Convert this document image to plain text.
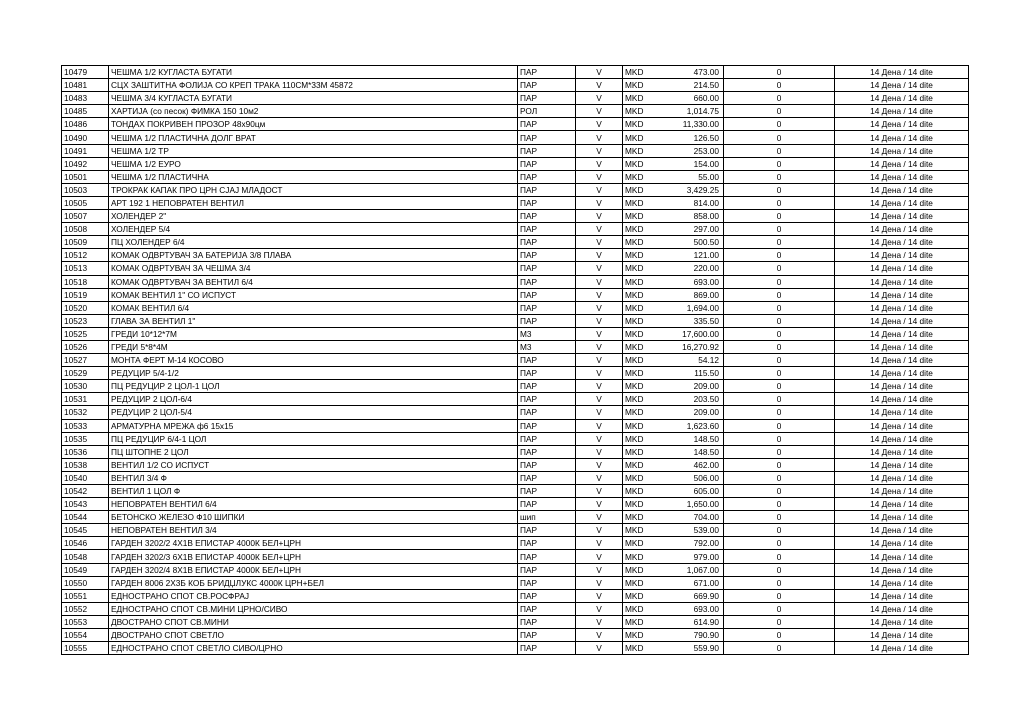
10479	ЧЕШМА 1/2 КУГЛАСТА БУГАТИ	ПАР	V	MKD	473.00	0	14 Дена / 14 dite
10481	СЦХ ЗАШТИТНА ФОЛИЈА СО КРЕП ТРАКА 110СМ*33М 45872	ПАР	V	MKD	214.50	0	14 Дена / 14 dite
10483	ЧЕШМА 3/4 КУГЛАСТА БУГАТИ	ПАР	V	MKD	660.00	0	14 Дена / 14 dite
10485	ХАРТИЈА (со песок) ФИМКА 150 10м2	РОЛ	V	MKD	1,014.75	0	14 Дена / 14 dite
10486	ТОНДАХ ПОКРИВЕН ПРОЗОР 48х90цм	ПАР	V	MKD	11,330.00	0	14 Дена / 14 dite
10490	ЧЕШМА 1/2 ПЛАСТИЧНА ДОЛГ ВРАТ	ПАР	V	MKD	126.50	0	14 Дена / 14 dite
10491	ЧЕШМА 1/2 ТР	ПАР	V	MKD	253.00	0	14 Дена / 14 dite
10492	ЧЕШМА 1/2 ЕУРО	ПАР	V	MKD	154.00	0	14 Дена / 14 dite
10501	ЧЕШМА 1/2 ПЛАСТИЧНА	ПАР	V	MKD	55.00	0	14 Дена / 14 dite
10503	ТРОКРАК КАПАК ПРО ЦРН СЈАЈ МЛАДОСТ	ПАР	V	MKD	3,429.25	0	14 Дена / 14 dite
10505	АРТ 192 1 НЕПОВРАТЕН ВЕНТИЛ	ПАР	V	MKD	814.00	0	14 Дена / 14 dite
10507	ХОЛЕНДЕР 2"	ПАР	V	MKD	858.00	0	14 Дена / 14 dite
10508	ХОЛЕНДЕР 5/4	ПАР	V	MKD	297.00	0	14 Дена / 14 dite
10509	ПЦ ХОЛЕНДЕР 6/4	ПАР	V	MKD	500.50	0	14 Дена / 14 dite
10512	КОМАК ОДВРТУВАЧ ЗА БАТЕРИЈА 3/8 ПЛАВА	ПАР	V	MKD	121.00	0	14 Дена / 14 dite
10513	КОМАК ОДВРТУВАЧ ЗА ЧЕШМА 3/4	ПАР	V	MKD	220.00	0	14 Дена / 14 dite
10518	КОМАК ОДВРТУВАЧ ЗА ВЕНТИЛ 6/4	ПАР	V	MKD	693.00	0	14 Дена / 14 dite
10519	КОМАК ВЕНТИЛ 1" СО ИСПУСТ	ПАР	V	MKD	869.00	0	14 Дена / 14 dite
10520	КОМАК ВЕНТИЛ 6/4	ПАР	V	MKD	1,694.00	0	14 Дена / 14 dite
10523	ГЛАВА ЗА ВЕНТИЛ 1"	ПАР	V	MKD	335.50	0	14 Дена / 14 dite
10525	ГРЕДИ 10*12*7М	М3	V	MKD	17,600.00	0	14 Дена / 14 dite
10526	ГРЕДИ 5*8*4М	М3	V	MKD	16,270.92	0	14 Дена / 14 dite
10527	МОНТА ФЕРТ М-14 КОСОВО	ПАР	V	MKD	54.12	0	14 Дена / 14 dite
10529	РЕДУЦИР 5/4-1/2	ПАР	V	MKD	115.50	0	14 Дена / 14 dite
10530	ПЦ РЕДУЦИР 2 ЦОЛ-1 ЦОЛ	ПАР	V	MKD	209.00	0	14 Дена / 14 dite
10531	РЕДУЦИР 2 ЦОЛ-6/4	ПАР	V	MKD	203.50	0	14 Дена / 14 dite
10532	РЕДУЦИР 2 ЦОЛ-5/4	ПАР	V	MKD	209.00	0	14 Дена / 14 dite
10533	АРМАТУРНА МРЕЖА ф6 15х15	ПАР	V	MKD	1,623.60	0	14 Дена / 14 dite
10535	ПЦ РЕДУЦИР 6/4-1 ЦОЛ	ПАР	V	MKD	148.50	0	14 Дена / 14 dite
10536	ПЦ ШТОПНЕ 2 ЦОЛ	ПАР	V	MKD	148.50	0	14 Дена / 14 dite
10538	ВЕНТИЛ 1/2 СО ИСПУСТ	ПАР	V	MKD	462.00	0	14 Дена / 14 dite
10540	ВЕНТИЛ 3/4 Ф	ПАР	V	MKD	506.00	0	14 Дена / 14 dite
10542	ВЕНТИЛ 1 ЦОЛ Ф	ПАР	V	MKD	605.00	0	14 Дена / 14 dite
10543	НЕПОВРАТЕН ВЕНТИЛ 6/4	ПАР	V	MKD	1,650.00	0	14 Дена / 14 dite
10544	БЕТОНСКО ЖЕЛЕЗО Ф10 ШИПКИ	шип	V	MKD	704.00	0	14 Дена / 14 dite
10545	НЕПОВРАТЕН ВЕНТИЛ 3/4	ПАР	V	MKD	539.00	0	14 Дена / 14 dite
10546	ГАРДЕН 3202/2 4Х1В ЕПИСТАР 4000К БЕЛ+ЦРН	ПАР	V	MKD	792.00	0	14 Дена / 14 dite
10548	ГАРДЕН 3202/3 6Х1В ЕПИСТАР 4000К БЕЛ+ЦРН	ПАР	V	MKD	979.00	0	14 Дена / 14 dite
10549	ГАРДЕН 3202/4 8Х1В ЕПИСТАР 4000К БЕЛ+ЦРН	ПАР	V	MKD	1,067.00	0	14 Дена / 14 dite
10550	ГАРДЕН 8006 2Х3Б КОБ БРИДЏЛУКС 4000К ЦРН+БЕЛ	ПАР	V	MKD	671.00	0	14 Дена / 14 dite
10551	ЕДНОСТРАНО СПОТ СВ.РОСФРАЈ	ПАР	V	MKD	669.90	0	14 Дена / 14 dite
10552	ЕДНОСТРАНО СПОТ СВ.МИНИ ЦРНО/СИВО	ПАР	V	MKD	693.00	0	14 Дена / 14 dite
10553	ДВОСТРАНО СПОТ СВ.МИНИ	ПАР	V	MKD	614.90	0	14 Дена / 14 dite
10554	ДВОСТРАНО СПОТ СВЕТЛО	ПАР	V	MKD	790.90	0	14 Дена / 14 dite
10555	ЕДНОСТРАНО СПОТ СВЕТЛО СИВО/ЦРНО	ПАР	V	MKD	559.90	0	14 Дена / 14 dite
